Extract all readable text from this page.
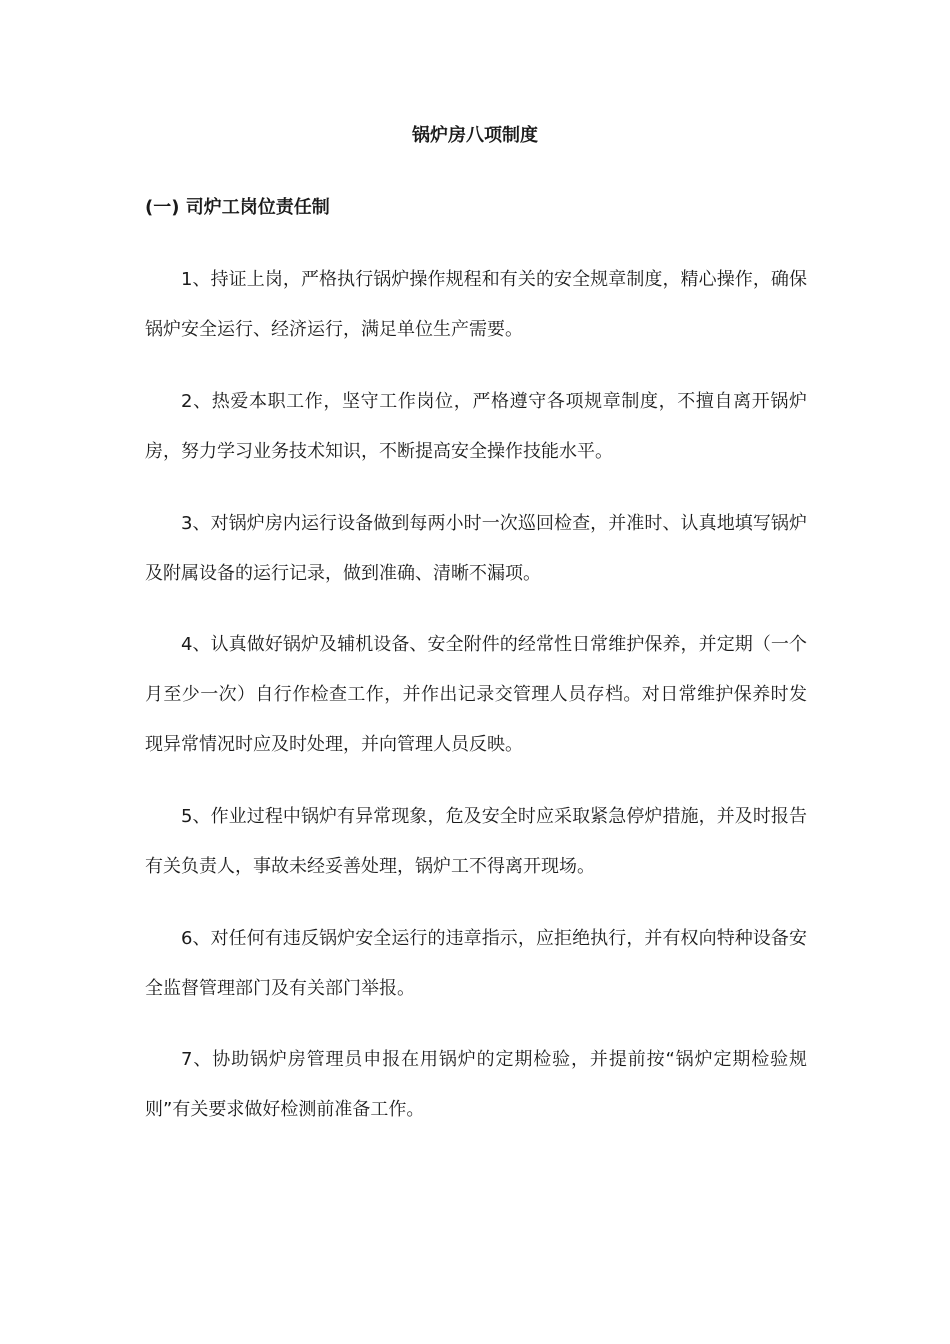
锅炉房八项制度
(一) 司炉工岗位责任制

1、持证上岗，严格执行锅炉操作规程和有关的安全规章制度，精心操作，确保锅炉安全运行、经济运行，满足单位生产需要。

2、热爱本职工作，坚守工作岗位，严格遵守各项规章制度，不擅自离开锅炉房，努力学习业务技术知识，不断提高安全操作技能水平。

3、对锅炉房内运行设备做到每两小时一次巡回检查，并准时、认真地填写锅炉及附属设备的运行记录，做到准确、清晰不漏项。

4、认真做好锅炉及辅机设备、安全附件的经常性日常维护保养，并定期（一个月至少一次）自行作检查工作，并作出记录交管理人员存档。对日常维护保养时发现异常情况时应及时处理，并向管理人员反映。

5、作业过程中锅炉有异常现象，危及安全时应采取紧急停炉措施，并及时报告有关负责人，事故未经妥善处理，锅炉工不得离开现场。

6、对任何有违反锅炉安全运行的违章指示，应拒绝执行，并有权向特种设备安全监督管理部门及有关部门举报。

7、协助锅炉房管理员申报在用锅炉的定期检验，并提前按“锅炉定期检验规则”有关要求做好检测前准备工作。
